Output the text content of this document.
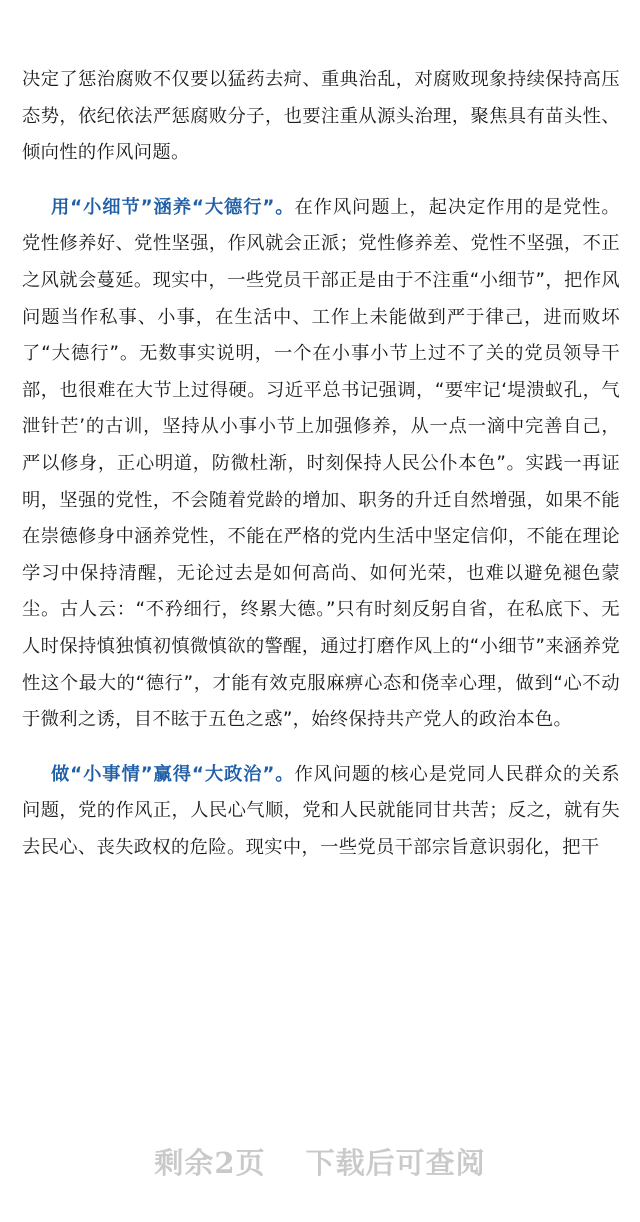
决定了惩治腐败不仅要以猛药去疴、重典治乱，对腐败现象持续保持高压态势，依纪依法严惩腐败分子，也要注重从源头治理，聚焦具有苗头性、倾向性的作风问题。

用“小细节”涵养“大德行”。在作风问题上，起决定作用的是党性。党性修养好、党性坚强，作风就会正派；党性修养差、党性不坚强，不正之风就会蔓延。现实中，一些党员干部正是由于不注重“小细节”，把作风问题当作私事、小事，在生活中、工作上未能做到严于律己，进而败坏了“大德行”。无数事实说明，一个在小事小节上过不了关的党员领导干部，也很难在大节上过得硬。习近平总书记强调，“要牢记‘堤溃蚁孔，气泄针芒’的古训，坚持从小事小节上加强修养，从一点一滴中完善自己，严以修身，正心明道，防微杜渐，时刻保持人民公仆本色”。实践一再证明，坚强的党性，不会随着党龄的增加、职务的升迁自然增强，如果不能在崇德修身中涵养党性，不能在严格的党内生活中坚定信仰，不能在理论学习中保持清醒，无论过去是如何高尚、如何光荣，也难以避免褪色蒙尘。古人云：“不矜细行，终累大德。”只有时刻反躬自省，在私底下、无人时保持慎独慎初慎微慎欲的警醒，通过打磨作风上的“小细节”来涵养党性这个最大的“德行”，才能有效克服麻痹心态和侥幸心理，做到“心不动于微利之诱，目不眩于五色之惑”，始终保持共产党人的政治本色。

做“小事情”赢得“大政治”。作风问题的核心是党同人民群众的关系问题，党的作风正，人民心气顺，党和人民就能同甘共苦；反之，就有失去民心、丧失政权的危险。现实中，一些党员干部宗旨意识弱化，把干

剩余2页 下载后可查阅
